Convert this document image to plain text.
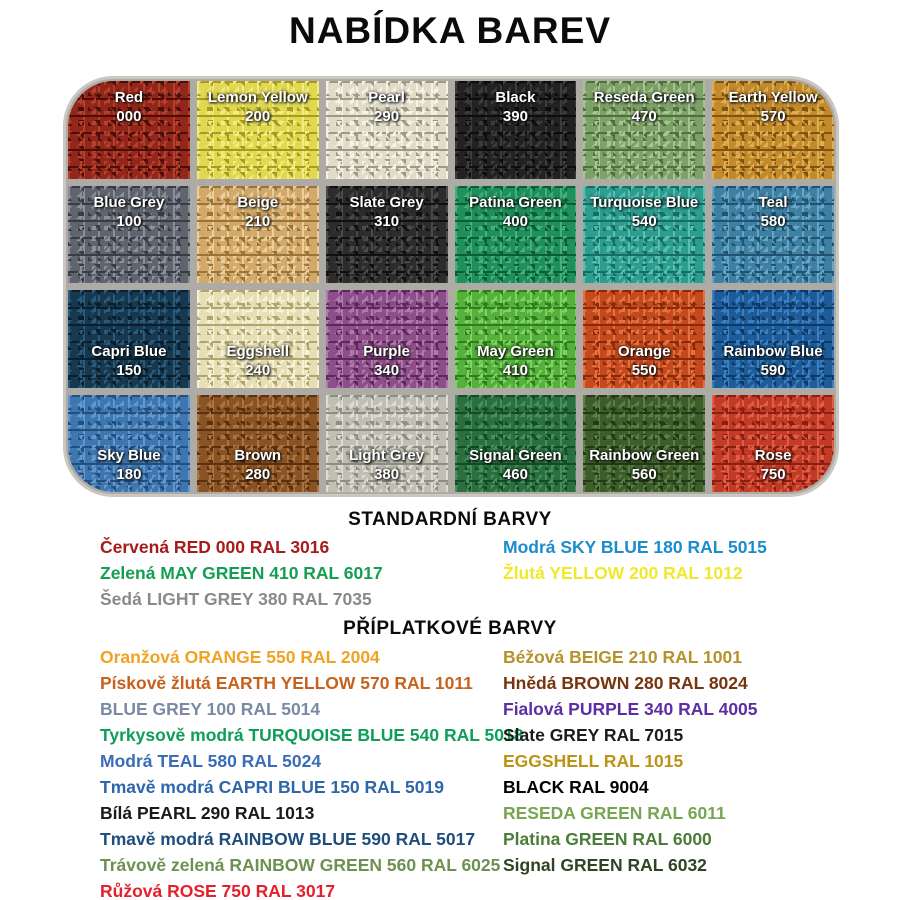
NABÍDKA BAREV
Red
000
Lemon Yellow
200
Pearl
290
Black
390
Reseda Green
470
Earth Yellow
570
Blue Grey
100
Beige
210
Slate Grey
310
Patina Green
400
Turquoise Blue
540
Teal
580
Capri Blue
150
Eggshell
240
Purple
340
May Green
410
Orange
550
Rainbow Blue
590
Sky Blue
180
Brown
280
Light Grey
380
Signal Green
460
Rainbow Green
560
Rose
750
STANDARDNÍ BARVY
Červená RED 000 RAL 3016
Zelená MAY GREEN 410 RAL 6017
Šedá LIGHT GREY 380 RAL 7035
Modrá SKY BLUE 180 RAL 5015
Žlutá YELLOW 200 RAL 1012
PŘÍPLATKOVÉ BARVY
Oranžová ORANGE 550 RAL 2004
Pískově žlutá EARTH YELLOW 570 RAL 1011
BLUE GREY 100 RAL 5014
Tyrkysově modrá TURQUOISE BLUE 540 RAL 5018
Modrá TEAL 580 RAL 5024
Tmavě modrá CAPRI BLUE 150 RAL 5019
Bílá PEARL 290 RAL 1013
Tmavě modrá RAINBOW BLUE 590 RAL 5017
Trávově zelená RAINBOW GREEN 560 RAL 6025
Růžová ROSE 750 RAL 3017
Béžová BEIGE 210 RAL 1001
Hnědá BROWN 280 RAL 8024
Fialová PURPLE 340 RAL 4005
Slate GREY RAL 7015
EGGSHELL RAL 1015
BLACK RAL 9004
RESEDA GREEN RAL 6011
Platina GREEN RAL 6000
Signal GREEN RAL 6032
